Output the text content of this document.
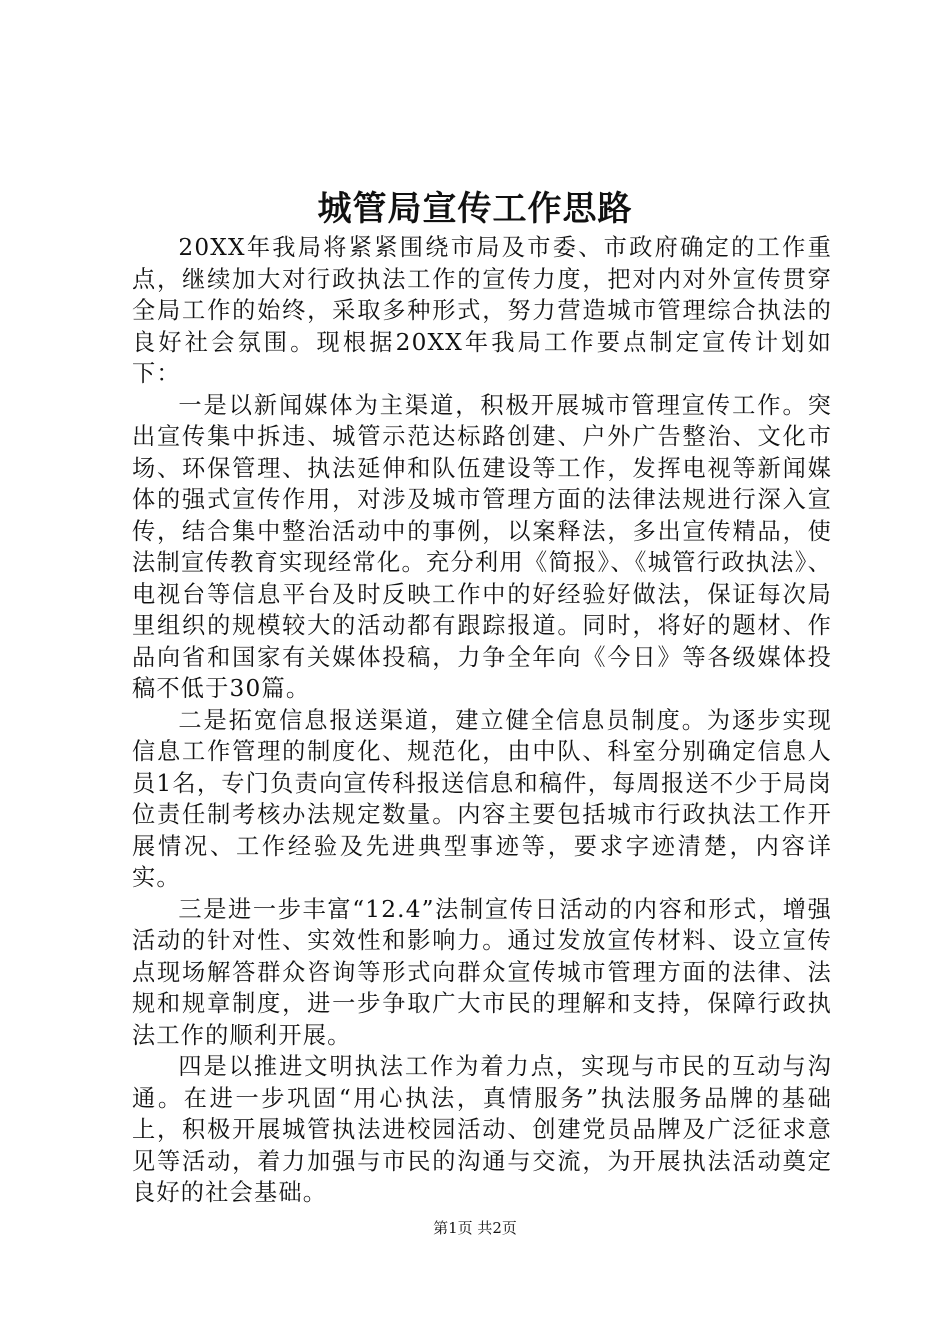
城管局宣传工作思路

20XX年我局将紧紧围绕市局及市委、市政府确定的工作重点，继续加大对行政执法工作的宣传力度，把对内对外宣传贯穿全局工作的始终，采取多种形式，努力营造城市管理综合执法的良好社会氛围。现根据20XX年我局工作要点制定宣传计划如下：

一是以新闻媒体为主渠道，积极开展城市管理宣传工作。突出宣传集中拆违、城管示范达标路创建、户外广告整治、文化市场、环保管理、执法延伸和队伍建设等工作，发挥电视等新闻媒体的强式宣传作用，对涉及城市管理方面的法律法规进行深入宣传，结合集中整治活动中的事例，以案释法，多出宣传精品，使法制宣传教育实现经常化。充分利用《简报》、《城管行政执法》、电视台等信息平台及时反映工作中的好经验好做法，保证每次局里组织的规模较大的活动都有跟踪报道。同时，将好的题材、作品向省和国家有关媒体投稿，力争全年向《今日》等各级媒体投稿不低于30篇。

二是拓宽信息报送渠道，建立健全信息员制度。为逐步实现信息工作管理的制度化、规范化，由中队、科室分别确定信息人员1名，专门负责向宣传科报送信息和稿件，每周报送不少于局岗位责任制考核办法规定数量。内容主要包括城市行政执法工作开展情况、工作经验及先进典型事迹等，要求字迹清楚，内容详实。

三是进一步丰富“12.4”法制宣传日活动的内容和形式，增强活动的针对性、实效性和影响力。通过发放宣传材料、设立宣传点现场解答群众咨询等形式向群众宣传城市管理方面的法律、法规和规章制度，进一步争取广大市民的理解和支持，保障行政执法工作的顺利开展。

四是以推进文明执法工作为着力点，实现与市民的互动与沟通。在进一步巩固“用心执法，真情服务”执法服务品牌的基础上，积极开展城管执法进校园活动、创建党员品牌及广泛征求意见等活动，着力加强与市民的沟通与交流，为开展执法活动奠定良好的社会基础。

第1页 共2页
